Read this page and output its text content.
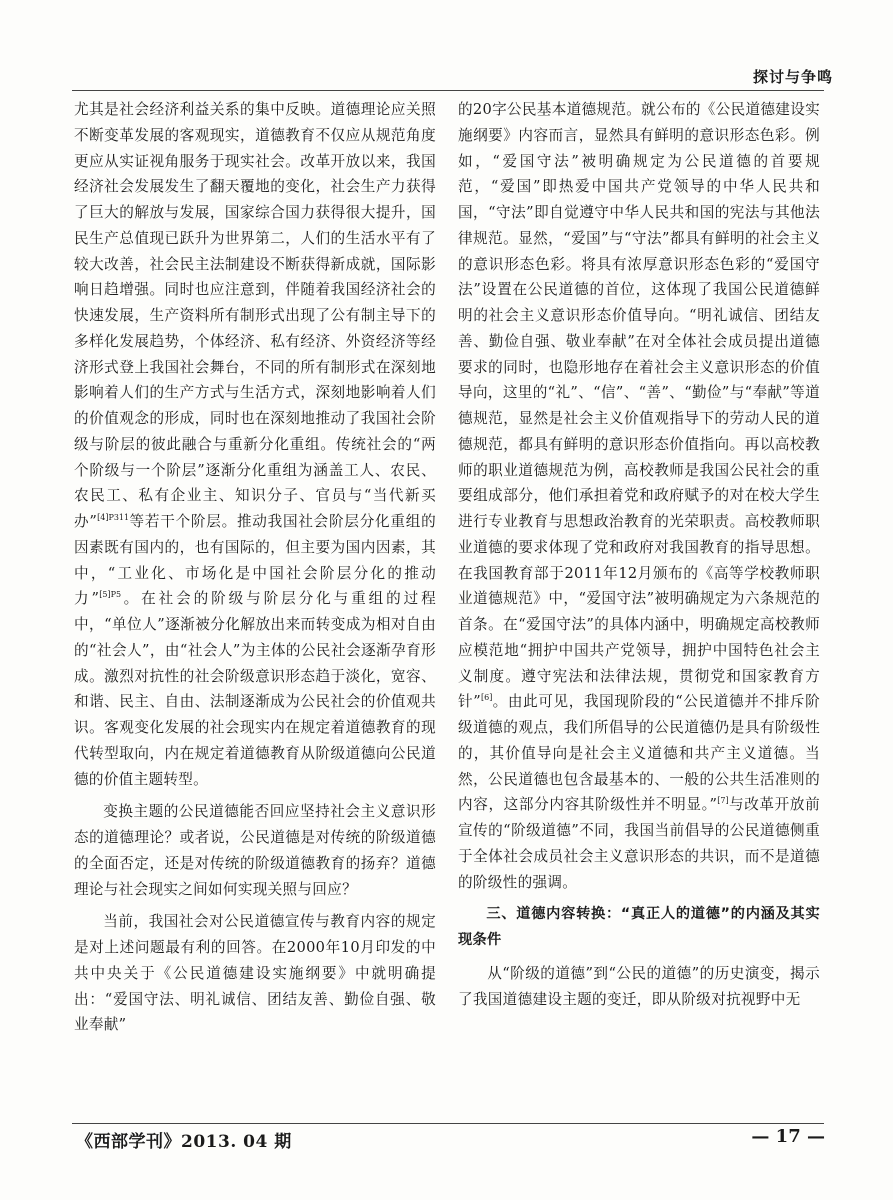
探讨与争鸣

尤其是社会经济利益关系的集中反映。道德理论应关照不断变革发展的客观现实，道德教育不仅应从规范角度更应从实证视角服务于现实社会。改革开放以来，我国经济社会发展发生了翻天覆地的变化，社会生产力获得了巨大的解放与发展，国家综合国力获得很大提升，国民生产总值现已跃升为世界第二，人们的生活水平有了较大改善，社会民主法制建设不断获得新成就，国际影响日趋增强。同时也应注意到，伴随着我国经济社会的快速发展，生产资料所有制形式出现了公有制主导下的多样化发展趋势，个体经济、私有经济、外资经济等经济形式登上我国社会舞台，不同的所有制形式在深刻地影响着人们的生产方式与生活方式，深刻地影响着人们的价值观念的形成，同时也在深刻地推动了我国社会阶级与阶层的彼此融合与重新分化重组。传统社会的“两个阶级与一个阶层”逐渐分化重组为涵盖工人、农民、农民工、私有企业主、知识分子、官员与“当代新买办”$^{[4]P311}$等若干个阶层。推动我国社会阶层分化重组的因素既有国内的，也有国际的，但主要为国内因素，其中，“工业化、市场化是中国社会阶层分化的推动力”$^{[5]P5}$。在社会的阶级与阶层分化与重组的过程中，“单位人”逐渐被分化解放出来而转变成为相对自由的“社会人”，由“社会人”为主体的公民社会逐渐孕育形成。激烈对抗性的社会阶级意识形态趋于淡化，宽容、和谐、民主、自由、法制逐渐成为公民社会的价值观共识。客观变化发展的社会现实内在规定着道德教育的现代转型取向，内在规定着道德教育从阶级道德向公民道德的价值主题转型。

变换主题的公民道德能否回应坚持社会主义意识形态的道德理论？或者说，公民道德是对传统的阶级道德的全面否定，还是对传统的阶级道德教育的扬弃？道德理论与社会现实之间如何实现关照与回应？

当前，我国社会对公民道德宣传与教育内容的规定是对上述问题最有利的回答。在2000年10月印发的中共中央关于《公民道德建设实施纲要》中就明确提出：“爱国守法、明礼诚信、团结友善、勤俭自强、敬业奉献”

的20字公民基本道德规范。就公布的《公民道德建设实施纲要》内容而言，显然具有鲜明的意识形态色彩。例如，“爱国守法”被明确规定为公民道德的首要规范，“爱国”即热爱中国共产党领导的中华人民共和国，“守法”即自觉遵守中华人民共和国的宪法与其他法律规范。显然，“爱国”与“守法”都具有鲜明的社会主义的意识形态色彩。将具有浓厚意识形态色彩的“爱国守法”设置在公民道德的首位，这体现了我国公民道德鲜明的社会主义意识形态价值导向。“明礼诚信、团结友善、勤俭自强、敬业奉献”在对全体社会成员提出道德要求的同时，也隐形地存在着社会主义意识形态的价值导向，这里的“礼”、“信”、“善”、“勤俭”与“奉献”等道德规范，显然是社会主义价值观指导下的劳动人民的道德规范，都具有鲜明的意识形态价值指向。再以高校教师的职业道德规范为例，高校教师是我国公民社会的重要组成部分，他们承担着党和政府赋予的对在校大学生进行专业教育与思想政治教育的光荣职责。高校教师职业道德的要求体现了党和政府对我国教育的指导思想。在我国教育部于2011年12月颁布的《高等学校教师职业道德规范》中，“爱国守法”被明确规定为六条规范的首条。在“爱国守法”的具体内涵中，明确规定高校教师应模范地“拥护中国共产党领导，拥护中国特色社会主义制度。遵守宪法和法律法规，贯彻党和国家教育方针”[6]。由此可见，我国现阶段的“公民道德并不排斥阶级道德的观点，我们所倡导的公民道德仍是具有阶级性的，其价值导向是社会主义道德和共产主义道德。当然，公民道德也包含最基本的、一般的公共生活准则的内容，这部分内容其阶级性并不明显。”[7]与改革开放前宣传的“阶级道德”不同，我国当前倡导的公民道德侧重于全体社会成员社会主义意识形态的共识，而不是道德的阶级性的强调。

三、道德内容转换：“真正人的道德”的内涵及其实现条件

从“阶级的道德”到“公民的道德”的历史演变，揭示了我国道德建设主题的变迁，即从阶级对抗视野中无

《西部学刊》2013. 04 期	— 17 —
